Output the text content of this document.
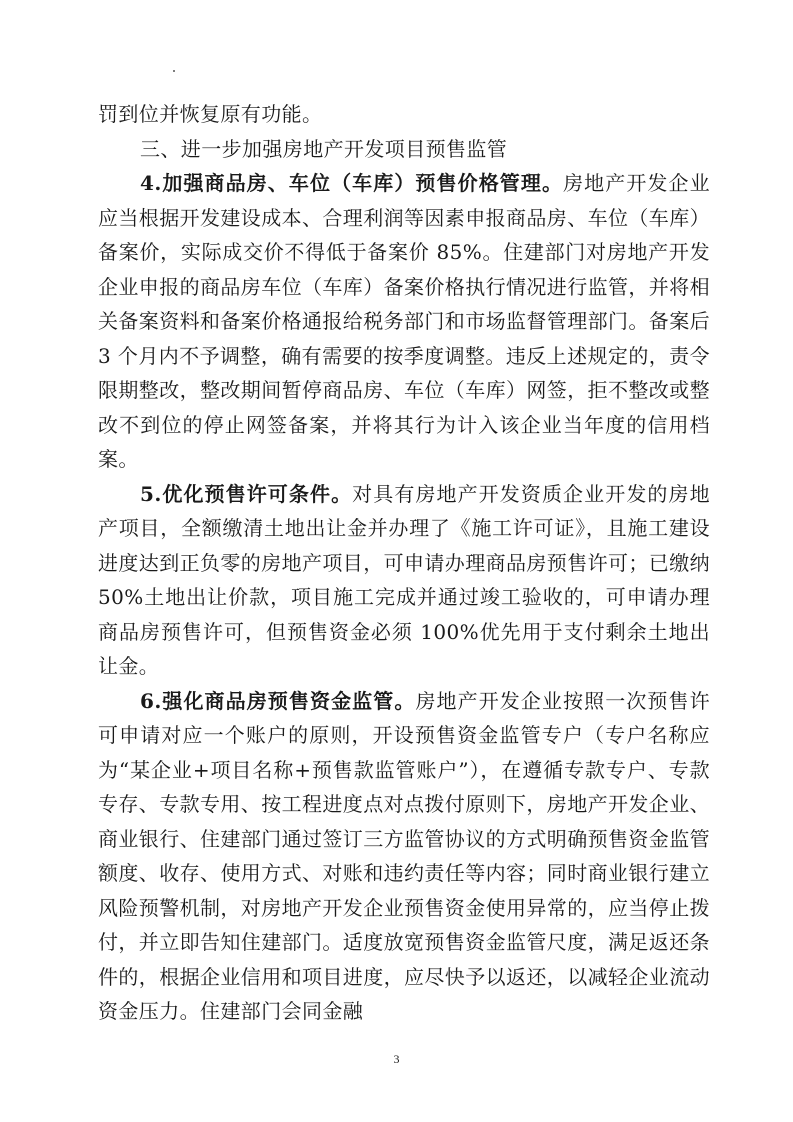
罚到位并恢复原有功能。

三、进一步加强房地产开发项目预售监管

4.加强商品房、车位（车库）预售价格管理。房地产开发企业应当根据开发建设成本、合理利润等因素申报商品房、车位（车库）备案价，实际成交价不得低于备案价 85%。住建部门对房地产开发企业申报的商品房车位（车库）备案价格执行情况进行监管，并将相关备案资料和备案价格通报给税务部门和市场监督管理部门。备案后 3 个月内不予调整，确有需要的按季度调整。违反上述规定的，责令限期整改，整改期间暂停商品房、车位（车库）网签，拒不整改或整改不到位的停止网签备案，并将其行为计入该企业当年度的信用档案。

5.优化预售许可条件。对具有房地产开发资质企业开发的房地产项目，全额缴清土地出让金并办理了《施工许可证》，且施工建设进度达到正负零的房地产项目，可申请办理商品房预售许可；已缴纳 50%土地出让价款，项目施工完成并通过竣工验收的，可申请办理商品房预售许可，但预售资金必须 100%优先用于支付剩余土地出让金。

6.强化商品房预售资金监管。房地产开发企业按照一次预售许可申请对应一个账户的原则，开设预售资金监管专户（专户名称应为“某企业+项目名称+预售款监管账户”），在遵循专款专户、专款专存、专款专用、按工程进度点对点拨付原则下，房地产开发企业、商业银行、住建部门通过签订三方监管协议的方式明确预售资金监管额度、收存、使用方式、对账和违约责任等内容；同时商业银行建立风险预警机制，对房地产开发企业预售资金使用异常的，应当停止拨付，并立即告知住建部门。适度放宽预售资金监管尺度，满足返还条件的，根据企业信用和项目进度，应尽快予以返还，以减轻企业流动资金压力。住建部门会同金融

3
